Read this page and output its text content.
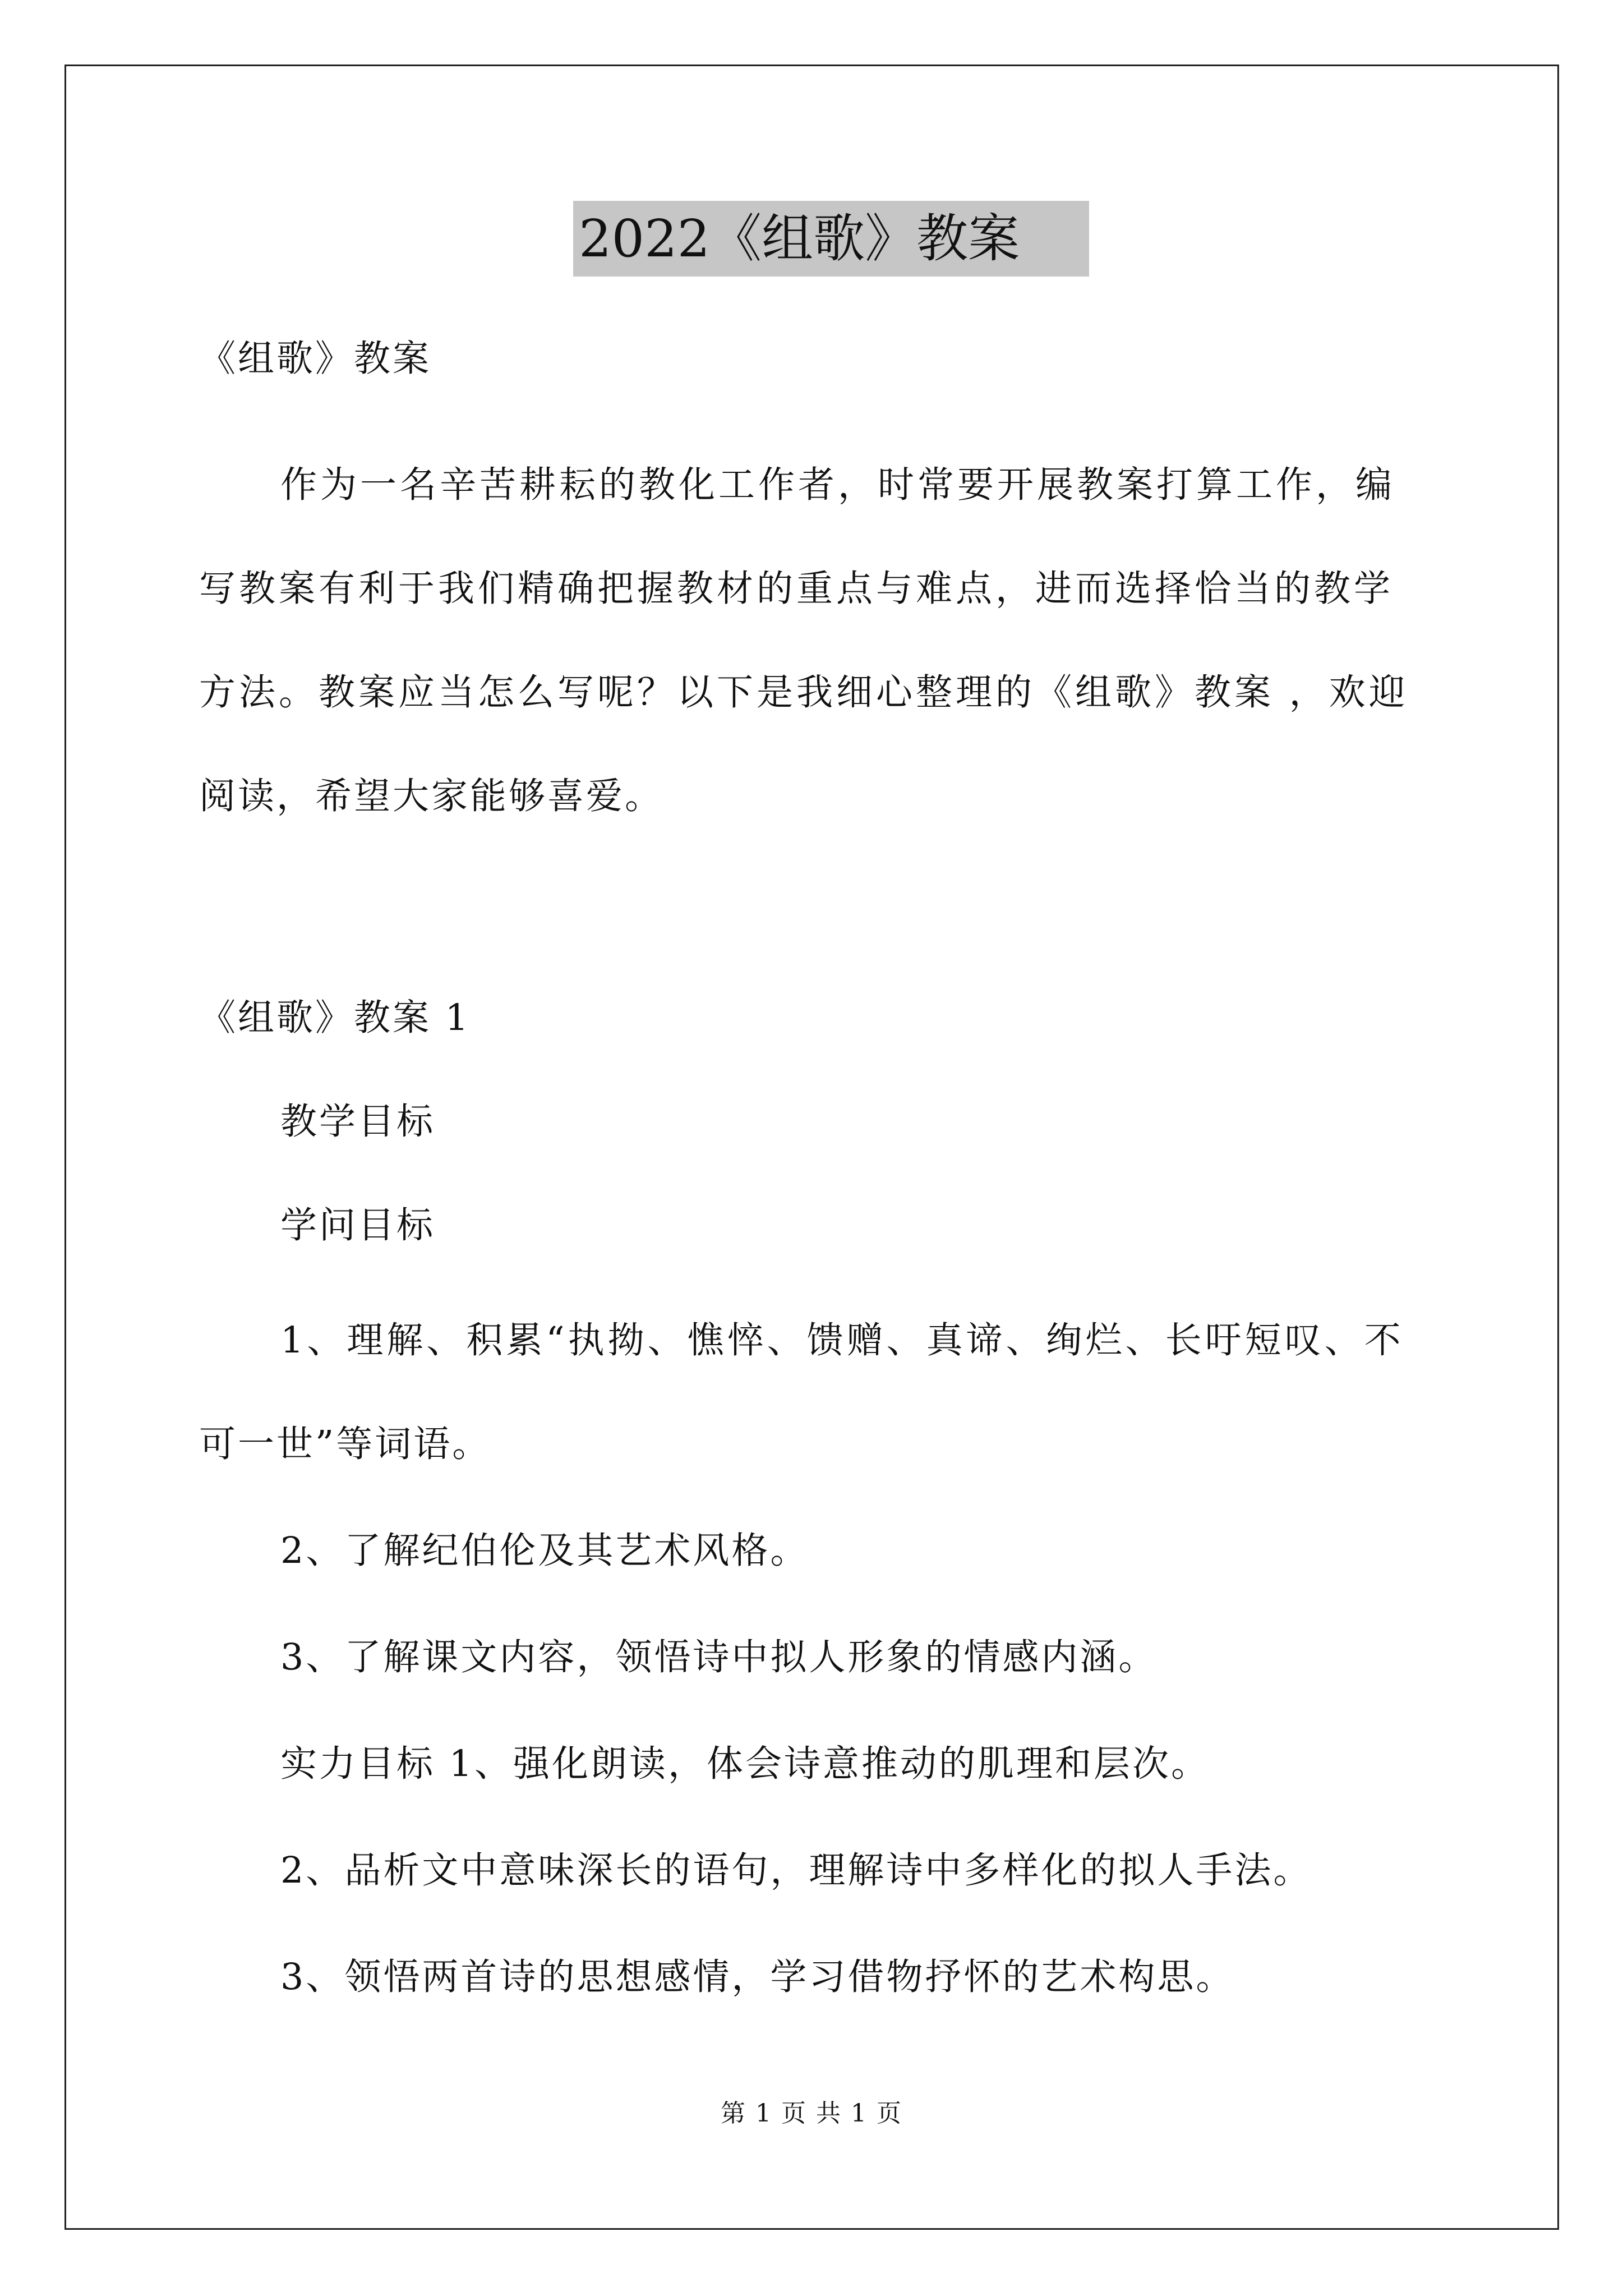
2022《组歌》教案
《组歌》教案
作为一名辛苦耕耘的教化工作者，时常要开展教案打算工作，编
写教案有利于我们精确把握教材的重点与难点，进而选择恰当的教学
方法。教案应当怎么写呢？以下是我细心整理的《组歌》教案 ，欢迎
阅读，希望大家能够喜爱。
《组歌》教案 1
教学目标
学问目标
1、理解、积累“执拗、憔悴、馈赠、真谛、绚烂、长吁短叹、不
可一世”等词语。
2、了解纪伯伦及其艺术风格。
3、了解课文内容，领悟诗中拟人形象的情感内涵。
实力目标 1、强化朗读，体会诗意推动的肌理和层次。
2、品析文中意味深长的语句，理解诗中多样化的拟人手法。
3、领悟两首诗的思想感情，学习借物抒怀的艺术构思。
第 1 页 共 1 页
